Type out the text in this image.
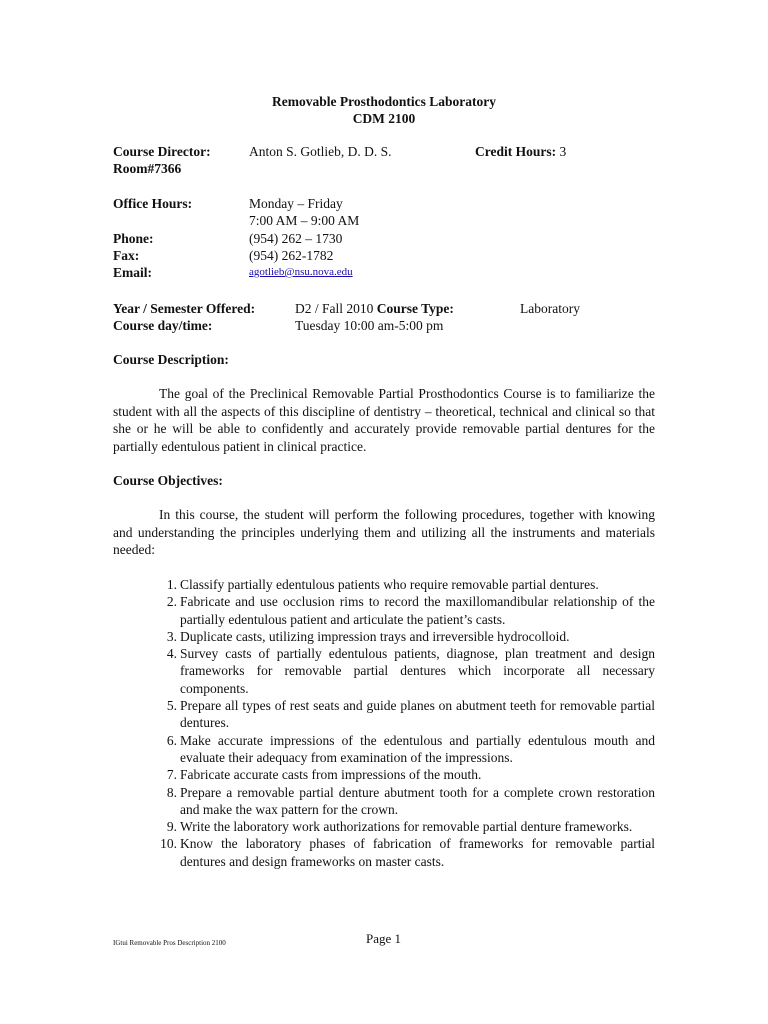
Removable Prosthodontics Laboratory
CDM 2100
Course Director:	Anton S. Gotlieb, D. D. S.	Credit Hours: 3
Room#7366
Office Hours:	Monday – Friday
7:00 AM – 9:00 AM
Phone:	(954) 262 – 1730
Fax:	(954) 262-1782
Email:	agotlieb@nsu.nova.edu
Year / Semester Offered:	D2 / Fall 2010 Course Type:	Laboratory
Course day/time:	Tuesday 10:00 am-5:00 pm
Course Description:
The goal of the Preclinical Removable Partial Prosthodontics Course is to familiarize the student with all the aspects of this discipline of dentistry – theoretical, technical and clinical so that she or he will be able to confidently and accurately provide removable partial dentures for the partially edentulous patient in clinical practice.
Course Objectives:
In this course, the student will perform the following procedures, together with knowing and understanding the principles underlying them and utilizing all the instruments and materials needed:
1. Classify partially edentulous patients who require removable partial dentures.
2. Fabricate and use occlusion rims to record the maxillomandibular relationship of the partially edentulous patient and articulate the patient’s casts.
3. Duplicate casts, utilizing impression trays and irreversible hydrocolloid.
4. Survey casts of partially edentulous patients, diagnose, plan treatment and design frameworks for removable partial dentures which incorporate all necessary components.
5. Prepare all types of rest seats and guide planes on abutment teeth for removable partial dentures.
6. Make accurate impressions of the edentulous and partially edentulous mouth and evaluate their adequacy from examination of the impressions.
7. Fabricate accurate casts from impressions of the mouth.
8. Prepare a removable partial denture abutment tooth for a complete crown restoration and make the wax pattern for the crown.
9. Write the laboratory work authorizations for removable partial denture frameworks.
10. Know the laboratory phases of fabrication of frameworks for removable partial dentures and design frameworks on master casts.
IGtui Removable Pros Description 2100	Page 1
